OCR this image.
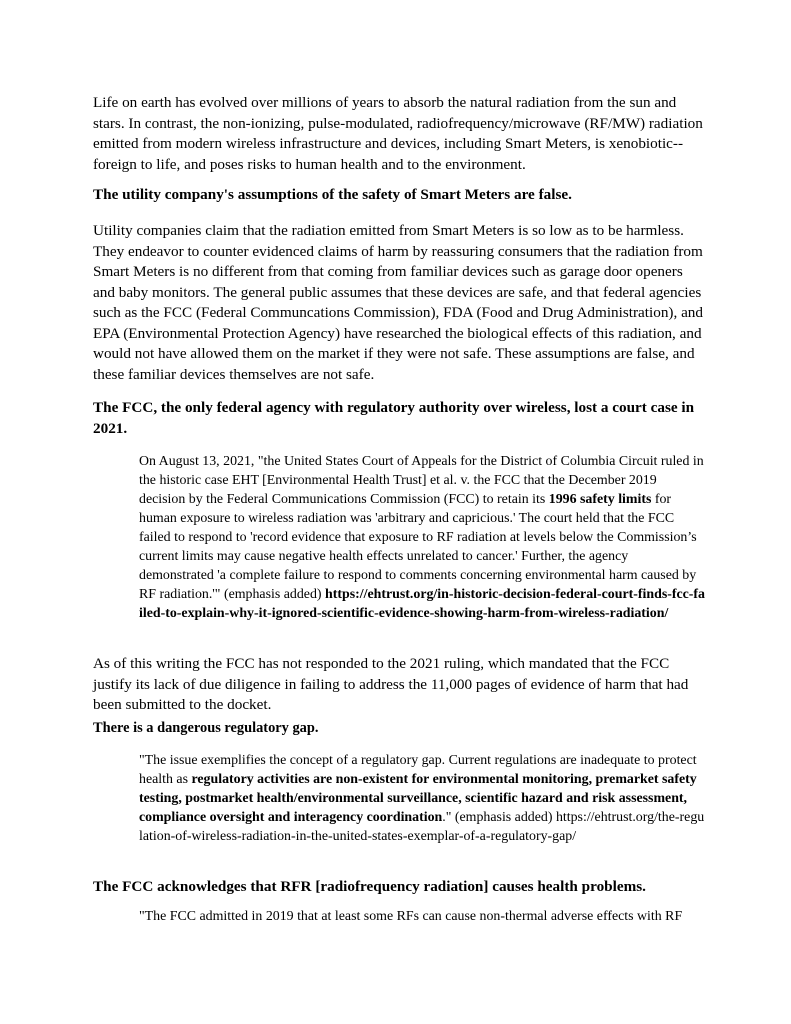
Life on earth has evolved over millions of years to absorb the natural radiation from the sun and stars. In contrast, the non-ionizing, pulse-modulated, radiofrequency/microwave (RF/MW) radiation emitted from modern wireless infrastructure and devices, including Smart Meters, is xenobiotic--foreign to life, and poses risks to human health and to the environment.

The utility company's assumptions of the safety of Smart Meters are false.

Utility companies claim that the radiation emitted from Smart Meters is so low as to be harmless. They endeavor to counter evidenced claims of harm by reassuring consumers that the radiation from Smart Meters is no different from that coming from familiar devices such as garage door openers and baby monitors. The general public assumes that these devices are safe, and that federal agencies such as the FCC (Federal Communcations Commission), FDA (Food and Drug Administration), and EPA (Environmental Protection Agency) have researched the biological effects of this radiation, and would not have allowed them on the market if they were not safe. These assumptions are false, and these familiar devices themselves are not safe.

The FCC, the only federal agency with regulatory authority over wireless, lost a court case in 2021.

On August 13, 2021, "the United States Court of Appeals for the District of Columbia Circuit ruled in the historic case EHT [Environmental Health Trust] et al. v. the FCC that the December 2019 decision by the Federal Communications Commission (FCC) to retain its 1996 safety limits for human exposure to wireless radiation was 'arbitrary and capricious.' The court held that the FCC failed to respond to 'record evidence that exposure to RF radiation at levels below the Commission’s current limits may cause negative health effects unrelated to cancer.' Further, the agency demonstrated 'a complete failure to respond to comments concerning environmental harm caused by RF radiation.'" (emphasis added) https://ehtrust.org/in-historic-decision-federal-court-finds-fcc-failed-to-explain-why-it-ignored-scientific-evidence-showing-harm-from-wireless-radiation/

As of this writing the FCC has not responded to the 2021 ruling, which mandated that the FCC justify its lack of due diligence in failing to address the 11,000 pages of evidence of harm that had been submitted to the docket.

There is a dangerous regulatory gap.

"The issue exemplifies the concept of a regulatory gap. Current regulations are inadequate to protect health as regulatory activities are non-existent for environmental monitoring, premarket safety testing, postmarket health/environmental surveillance, scientific hazard and risk assessment, compliance oversight and interagency coordination." (emphasis added) https://ehtrust.org/the-regulation-of-wireless-radiation-in-the-united-states-exemplar-of-a-regulatory-gap/

The FCC acknowledges that RFR [radiofrequency radiation] causes health problems.

"The FCC admitted in 2019 that at least some RFs can cause non-thermal adverse effects with RF
